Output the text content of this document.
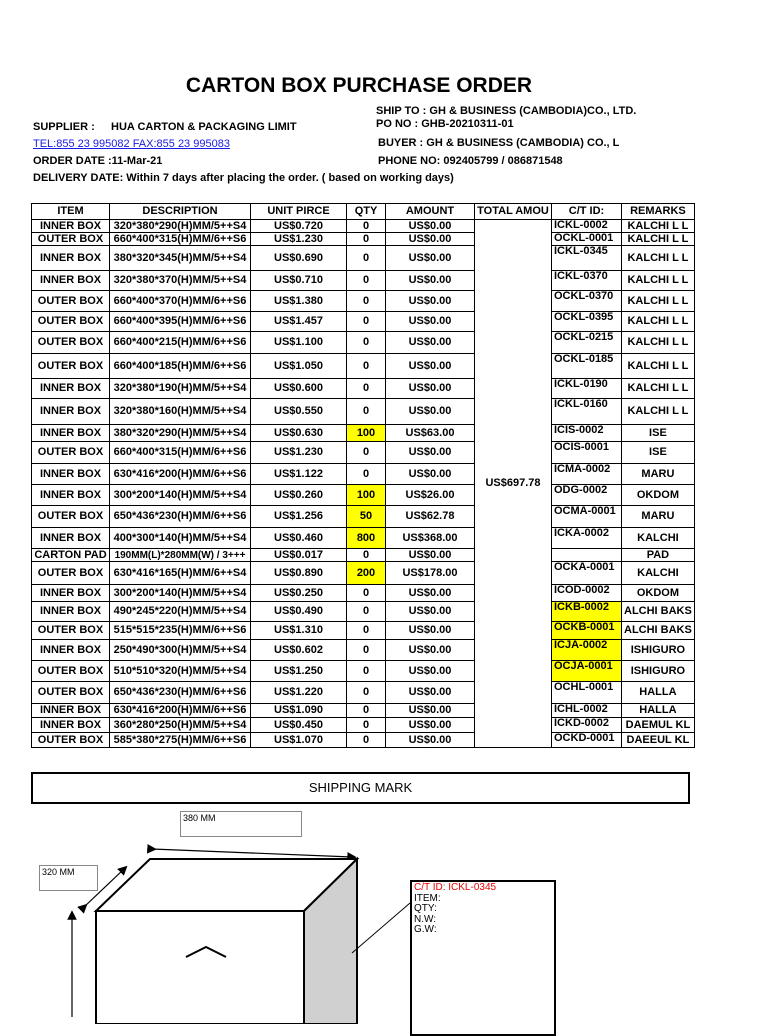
CARTON BOX PURCHASE ORDER
SHIP TO : GH & BUSINESS (CAMBODIA)CO., LTD.
PO NO : GHB-20210311-01
SUPPLIER : HUA CARTON & PACKAGING LIMIT
TEL:855 23 995082 FAX:855 23 995083	BUYER : GH & BUSINESS (CAMBODIA) CO., L
ORDER DATE :11-Mar-21	PHONE NO: 092405799 / 086871548
DELIVERY DATE: Within 7 days after placing the order. ( based on working days)
ITEM	DESCRIPTION	UNIT PIRCE	QTY	AMOUNT	TOTAL AMOU	C/T ID:	REMARKS
INNER BOX	320*380*290(H)MM/5++S4	US$0.720	0	US$0.00	US$697.78	ICKL-0002	KALCHI L L
OUTER BOX	660*400*315(H)MM/6++S6	US$1.230	0	US$0.00		OCKL-0001	KALCHI L L
INNER BOX	380*320*345(H)MM/5++S4	US$0.690	0	US$0.00		ICKL-0345	KALCHI L L
INNER BOX	320*380*370(H)MM/5++S4	US$0.710	0	US$0.00		ICKL-0370	KALCHI L L
OUTER BOX	660*400*370(H)MM/6++S6	US$1.380	0	US$0.00		OCKL-0370	KALCHI L L
OUTER BOX	660*400*395(H)MM/6++S6	US$1.457	0	US$0.00		OCKL-0395	KALCHI L L
OUTER BOX	660*400*215(H)MM/6++S6	US$1.100	0	US$0.00		OCKL-0215	KALCHI L L
OUTER BOX	660*400*185(H)MM/6++S6	US$1.050	0	US$0.00		OCKL-0185	KALCHI L L
INNER BOX	320*380*190(H)MM/5++S4	US$0.600	0	US$0.00		ICKL-0190	KALCHI L L
INNER BOX	320*380*160(H)MM/5++S4	US$0.550	0	US$0.00		ICKL-0160	KALCHI L L
INNER BOX	380*320*290(H)MM/5++S4	US$0.630	100	US$63.00		ICIS-0002	ISE
OUTER BOX	660*400*315(H)MM/6++S6	US$1.230	0	US$0.00		OCIS-0001	ISE
INNER BOX	630*416*200(H)MM/6++S6	US$1.122	0	US$0.00		ICMA-0002	MARU
INNER BOX	300*200*140(H)MM/5++S4	US$0.260	100	US$26.00		ODG-0002	OKDOM
OUTER BOX	650*436*230(H)MM/6++S6	US$1.256	50	US$62.78		OCMA-0001	MARU
INNER BOX	400*300*140(H)MM/5++S4	US$0.460	800	US$368.00		ICKA-0002	KALCHI
CARTON PAD	190MM(L)*280MM(W) / 3+++	US$0.017	0	US$0.00			PAD
OUTER BOX	630*416*165(H)MM/6++S4	US$0.890	200	US$178.00		OCKA-0001	KALCHI
INNER BOX	300*200*140(H)MM/5++S4	US$0.250	0	US$0.00		ICOD-0002	OKDOM
INNER BOX	490*245*220(H)MM/5++S4	US$0.490	0	US$0.00		ICKB-0002	ALCHI BAKS
OUTER BOX	515*515*235(H)MM/6++S6	US$1.310	0	US$0.00		OCKB-0001	ALCHI BAKS
INNER BOX	250*490*300(H)MM/5++S4	US$0.602	0	US$0.00		ICJA-0002	ISHIGURO
OUTER BOX	510*510*320(H)MM/5++S4	US$1.250	0	US$0.00		OCJA-0001	ISHIGURO
OUTER BOX	650*436*230(H)MM/6++S6	US$1.220	0	US$0.00		OCHL-0001	HALLA
INNER BOX	630*416*200(H)MM/6++S6	US$1.090	0	US$0.00		ICHL-0002	HALLA
INNER BOX	360*280*250(H)MM/5++S4	US$0.450	0	US$0.00		ICKD-0002	DAEMUL KL
OUTER BOX	585*380*275(H)MM/6++S6	US$1.070	0	US$0.00		OCKD-0001	DAEEUL KL
SHIPPING MARK
380 MM
320 MM
C/T ID: ICKL-0345
ITEM:
QTY:
N.W:
G.W:
